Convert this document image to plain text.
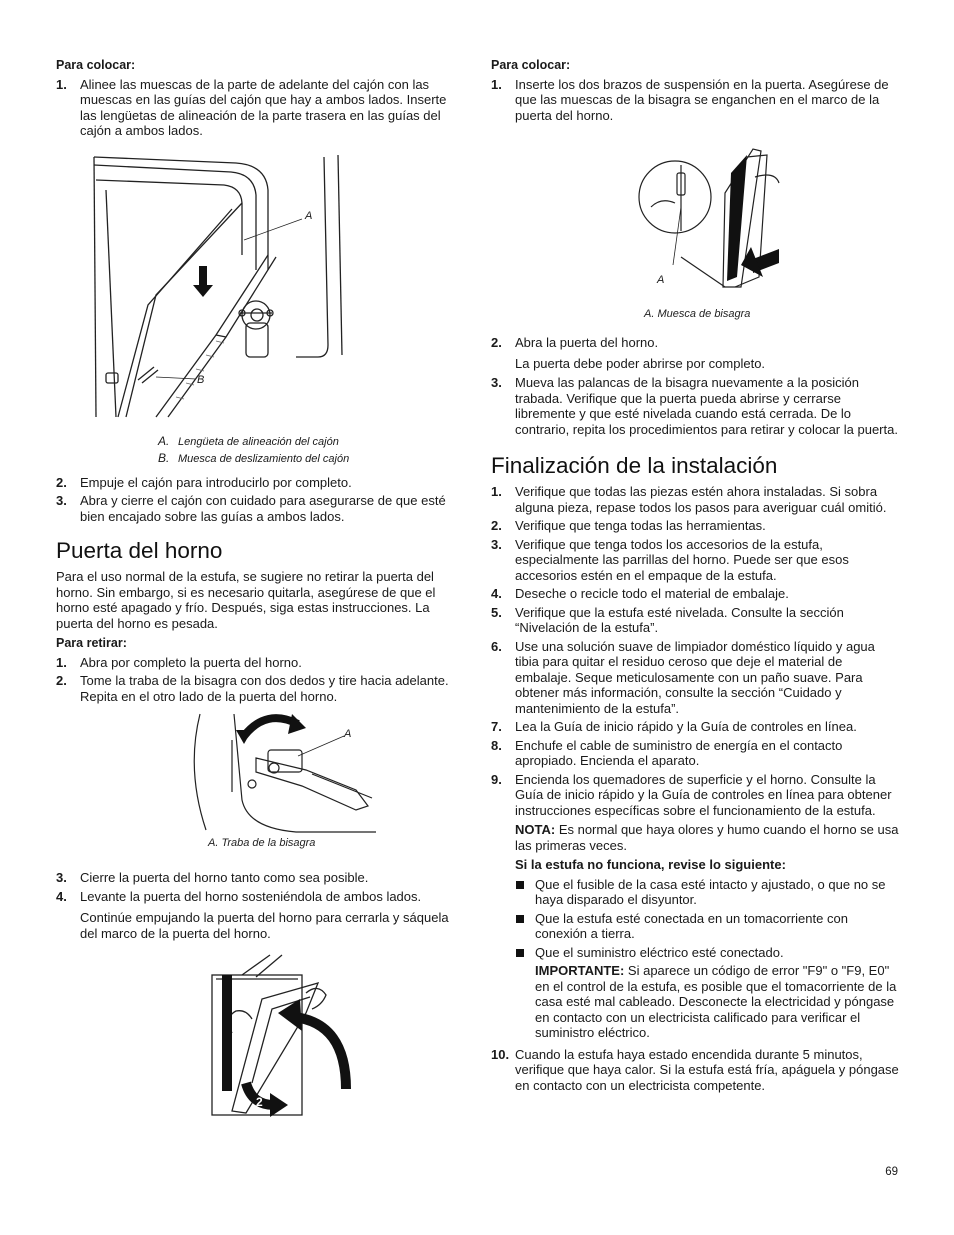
Para colocar:
1. Alinee las muescas de la parte de adelante del cajón con las muescas en las guías del cajón que hay a ambos lados. Inserte las lengüetas de alineación de la parte trasera en las guías del cajón a ambos lados.
A
B
A. Lengüeta de alineación del cajón
B. Muesca de deslizamiento del cajón
2. Empuje el cajón para introducirlo por completo.
3. Abra y cierre el cajón con cuidado para asegurarse de que esté bien encajado sobre las guías a ambos lados.
Puerta del horno

Para el uso normal de la estufa, se sugiere no retirar la puerta del horno. Sin embargo, si es necesario quitarla, asegúrese de que el horno esté apagado y frío. Después, siga estas instrucciones. La puerta del horno es pesada.

Para retirar:
1. Abra por completo la puerta del horno.
2. Tome la traba de la bisagra con dos dedos y tire hacia adelante. Repita en el otro lado de la puerta del horno.
A
A. Traba de la bisagra
3. Cierre la puerta del horno tanto como sea posible.
4. Levante la puerta del horno sosteniéndola de ambos lados.

Continúe empujando la puerta del horno para cerrarla y sáquela del marco de la puerta del horno.

1
2
Para colocar:
1. Inserte los dos brazos de suspensión en la puerta. Asegúrese de que las muescas de la bisagra se enganchen en el marco de la puerta del horno.
A
A. Muesca de bisagra
2. Abra la puerta del horno.

La puerta debe poder abrirse por completo.

3. Mueva las palancas de la bisagra nuevamente a la posición trabada. Verifique que la puerta pueda abrirse y cerrarse libremente y que esté nivelada cuando está cerrada. De lo contrario, repita los procedimientos para retirar y colocar la puerta.
Finalización de la instalación
1. Verifique que todas las piezas estén ahora instaladas. Si sobra alguna pieza, repase todos los pasos para averiguar cuál omitió.
2. Verifique que tenga todas las herramientas.
3. Verifique que tenga todos los accesorios de la estufa, especialmente las parrillas del horno. Puede ser que esos accesorios estén en el empaque de la estufa.
4. Deseche o recicle todo el material de embalaje.
5. Verifique que la estufa esté nivelada. Consulte la sección “Nivelación de la estufa”.
6. Use una solución suave de limpiador doméstico líquido y agua tibia para quitar el residuo ceroso que deje el material de embalaje. Seque meticulosamente con un paño suave. Para obtener más información, consulte la sección “Cuidado y mantenimiento de la estufa”.
7. Lea la Guía de inicio rápido y la Guía de controles en línea.
8. Enchufe el cable de suministro de energía en el contacto apropiado. Encienda el aparato.
9. Encienda los quemadores de superficie y el horno. Consulte la Guía de inicio rápido y la Guía de controles en línea para obtener instrucciones específicas sobre el funcionamiento de la estufa.

NOTA: Es normal que haya olores y humo cuando el horno se usa las primeras veces.

Si la estufa no funciona, revise lo siguiente:

Que el fusible de la casa esté intacto y ajustado, o que no se haya disparado el disyuntor.
Que la estufa esté conectada en un tomacorriente con conexión a tierra.
Que el suministro eléctrico esté conectado.

IMPORTANTE: Si aparece un código de error "F9" o "F9, E0" en el control de la estufa, es posible que el tomacorriente de la casa esté mal cableado. Desconecte la electricidad y póngase en contacto con un electricista calificado para verificar el suministro eléctrico.

10. Cuando la estufa haya estado encendida durante 5 minutos, verifique que haya calor. Si la estufa está fría, apáguela y póngase en contacto con un electricista competente.
69
